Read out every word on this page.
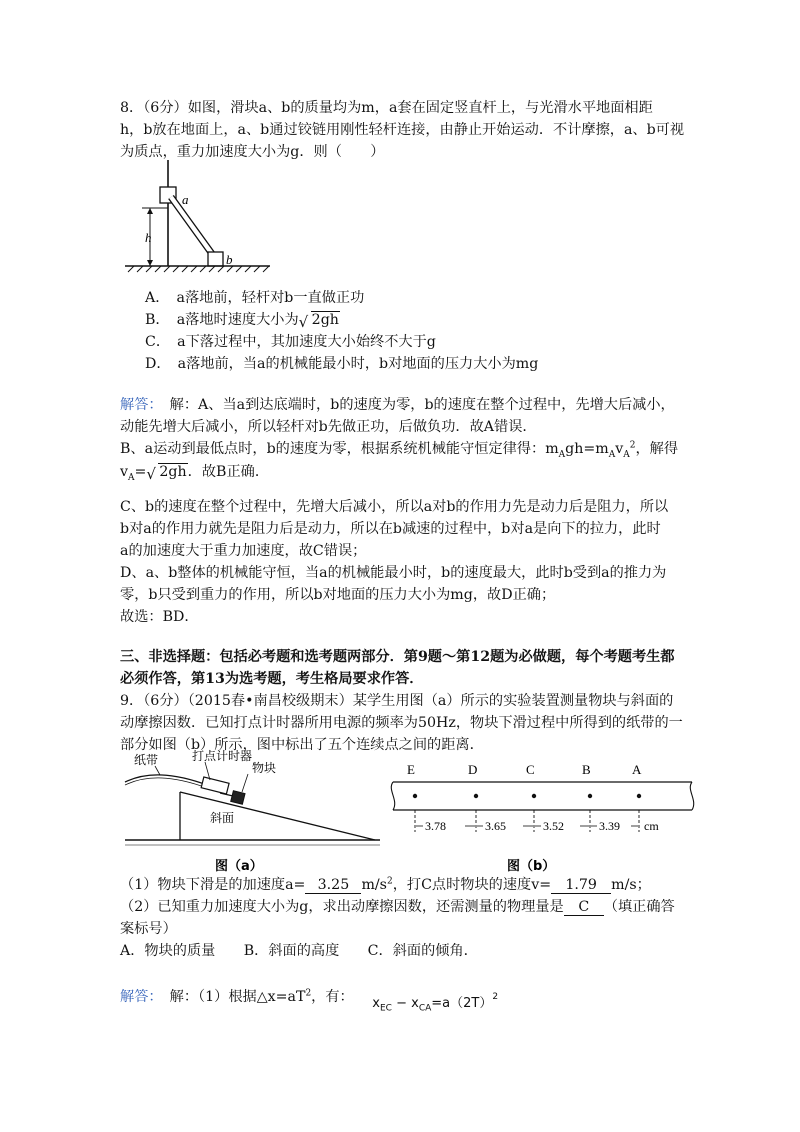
8．（6分）如图，滑块a、b的质量均为m，a套在固定竖直杆上，与光滑水平地面相距
h，b放在地面上，a、b通过铰链用刚性轻杆连接，由静止开始运动．不计摩擦，a、b可视
为质点，重力加速度大小为g．则（　　）
a
b
h
A．　a落地前，轻杆对b一直做正功
B．　a落地时速度大小为 √ 2gh
C．　a下落过程中，其加速度大小始终不大于g
D．　a落地前，当a的机械能最小时，b对地面的压力大小为mg
解答：　解：A、当a到达底端时，b的速度为零，b的速度在整个过程中，先增大后减小，
动能先增大后减小，所以轻杆对b先做正功，后做负功．故A错误．
B、a运动到最低点时，b的速度为零，根据系统机械能守恒定律得：$m_Agh=m_Av_A^2$，解得
$v_A=$ √ 2gh．故B正确．
C、b的速度在整个过程中，先增大后减小，所以a对b的作用力先是动力后是阻力，所以
b对a的作用力就先是阻力后是动力，所以在b减速的过程中，b对a是向下的拉力，此时
a的加速度大于重力加速度，故C错误；
D、a、b整体的机械能守恒，当a的机械能最小时，b的速度最大，此时b受到a的推力为
零，b只受到重力的作用，所以b对地面的压力大小为mg，故D正确；
故选：BD．
三、非选择题：包括必考题和选考题两部分．第9题～第12题为必做题，每个考题考生都
必须作答，第13为选考题，考生格局要求作答．
9．（6分）（2015春•南昌校级期末）某学生用图（a）所示的实验装置测量物块与斜面的
动摩擦因数．已知打点计时器所用电源的频率为50Hz，物块下滑过程中所得到的纸带的一
部分如图（b）所示，图中标出了五个连续点之间的距离．
纸带	打点计时器
物块
斜面
图（a）
E	D	C	B	A
3.78	3.65	3.52	3.39 cm
图（b）
（1）物块下滑是的加速度a= 3.25 $m/s^2$，打C点时物块的速度v= 1.79 m/s；
（2）已知重力加速度大小为g，求出动摩擦因数，还需测量的物理量是 C （填正确答
案标号）
A．物块的质量　　B．斜面的高度　　C．斜面的倾角．
解答：　解：（1）根据$\triangle x=aT^2$，有： $x_{EC} - x_{CA}=a(2T)^2$
